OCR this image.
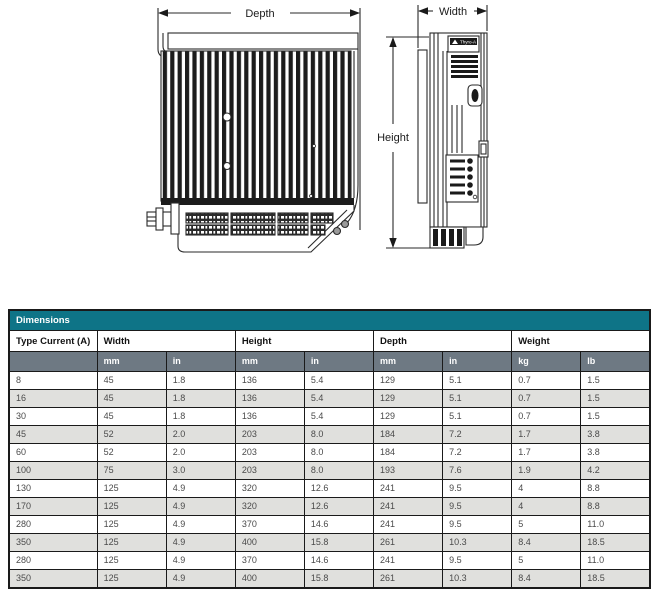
Depth	Width
Height
Thyro-A
Dimensions								
Type Current (A)	Width		Height		Depth		Weight	
	mm	in	mm	in	mm	in	kg	lb
8	45	1.8	136	5.4	129	5.1	0.7	1.5
16	45	1.8	136	5.4	129	5.1	0.7	1.5
30	45	1.8	136	5.4	129	5.1	0.7	1.5
45	52	2.0	203	8.0	184	7.2	1.7	3.8
60	52	2.0	203	8.0	184	7.2	1.7	3.8
100	75	3.0	203	8.0	193	7.6	1.9	4.2
130	125	4.9	320	12.6	241	9.5	4	8.8
170	125	4.9	320	12.6	241	9.5	4	8.8
280	125	4.9	370	14.6	241	9.5	5	11.0
350	125	4.9	400	15.8	261	10.3	8.4	18.5
280	125	4.9	370	14.6	241	9.5	5	11.0
350	125	4.9	400	15.8	261	10.3	8.4	18.5
